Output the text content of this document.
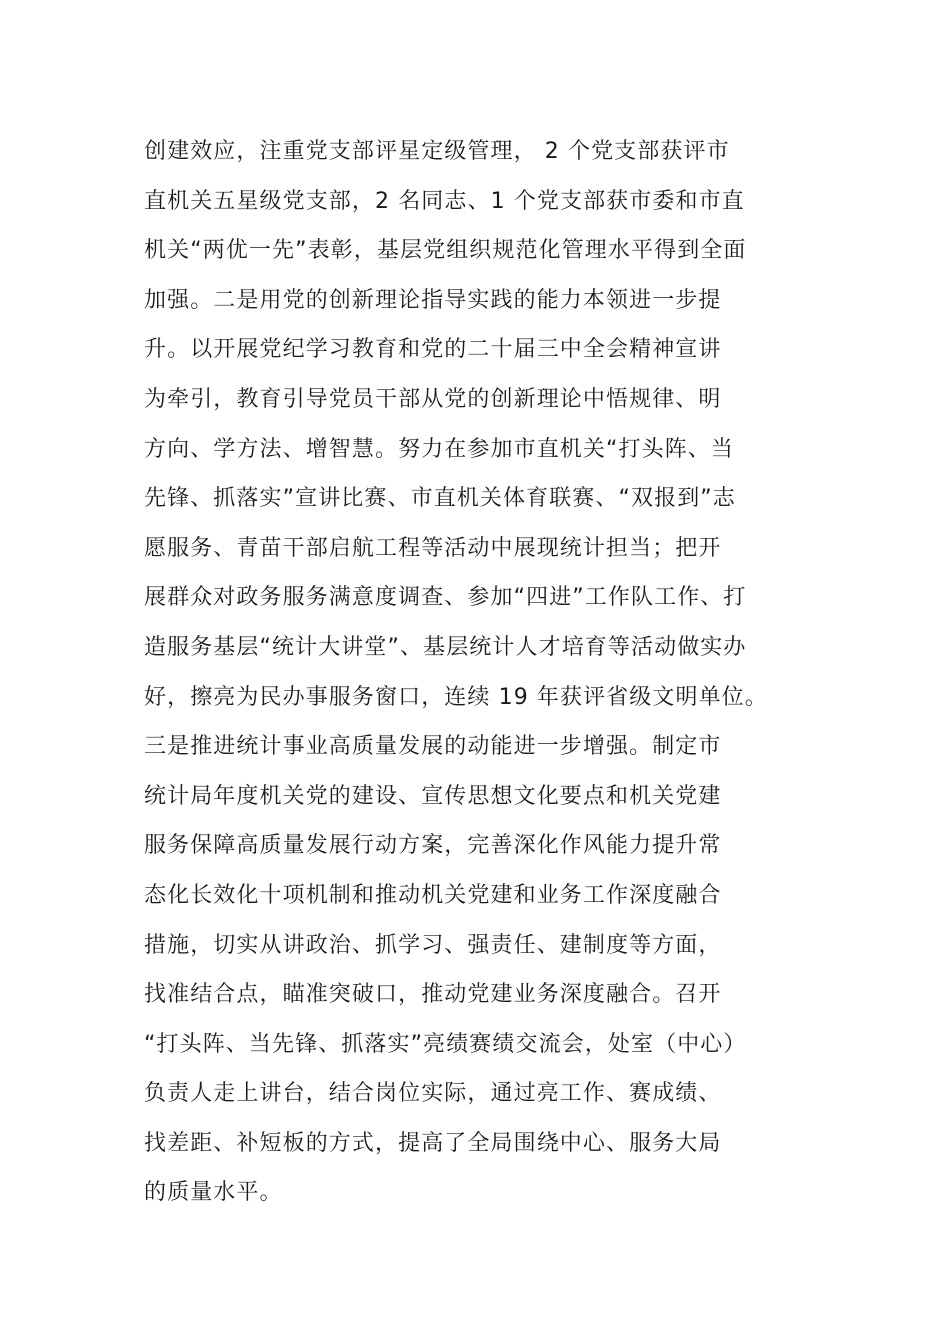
创建效应，注重党支部评星定级管理， 2 个党支部获评市
直机关五星级党支部，2 名同志、1 个党支部获市委和市直
机关“两优一先”表彰，基层党组织规范化管理水平得到全面
加强。二是用党的创新理论指导实践的能力本领进一步提
升。以开展党纪学习教育和党的二十届三中全会精神宣讲
为牵引，教育引导党员干部从党的创新理论中悟规律、明
方向、学方法、增智慧。努力在参加市直机关“打头阵、当
先锋、抓落实”宣讲比赛、市直机关体育联赛、“双报到”志
愿服务、青苗干部启航工程等活动中展现统计担当；把开
展群众对政务服务满意度调查、参加“四进”工作队工作、打
造服务基层“统计大讲堂”、基层统计人才培育等活动做实办
好，擦亮为民办事服务窗口，连续 19 年获评省级文明单位。
三是推进统计事业高质量发展的动能进一步增强。制定市
统计局年度机关党的建设、宣传思想文化要点和机关党建
服务保障高质量发展行动方案，完善深化作风能力提升常
态化长效化十项机制和推动机关党建和业务工作深度融合
措施，切实从讲政治、抓学习、强责任、建制度等方面，
找准结合点，瞄准突破口，推动党建业务深度融合。召开
“打头阵、当先锋、抓落实”亮绩赛绩交流会，处室（中心）
负责人走上讲台，结合岗位实际，通过亮工作、赛成绩、
找差距、补短板的方式，提高了全局围绕中心、服务大局
的质量水平。
